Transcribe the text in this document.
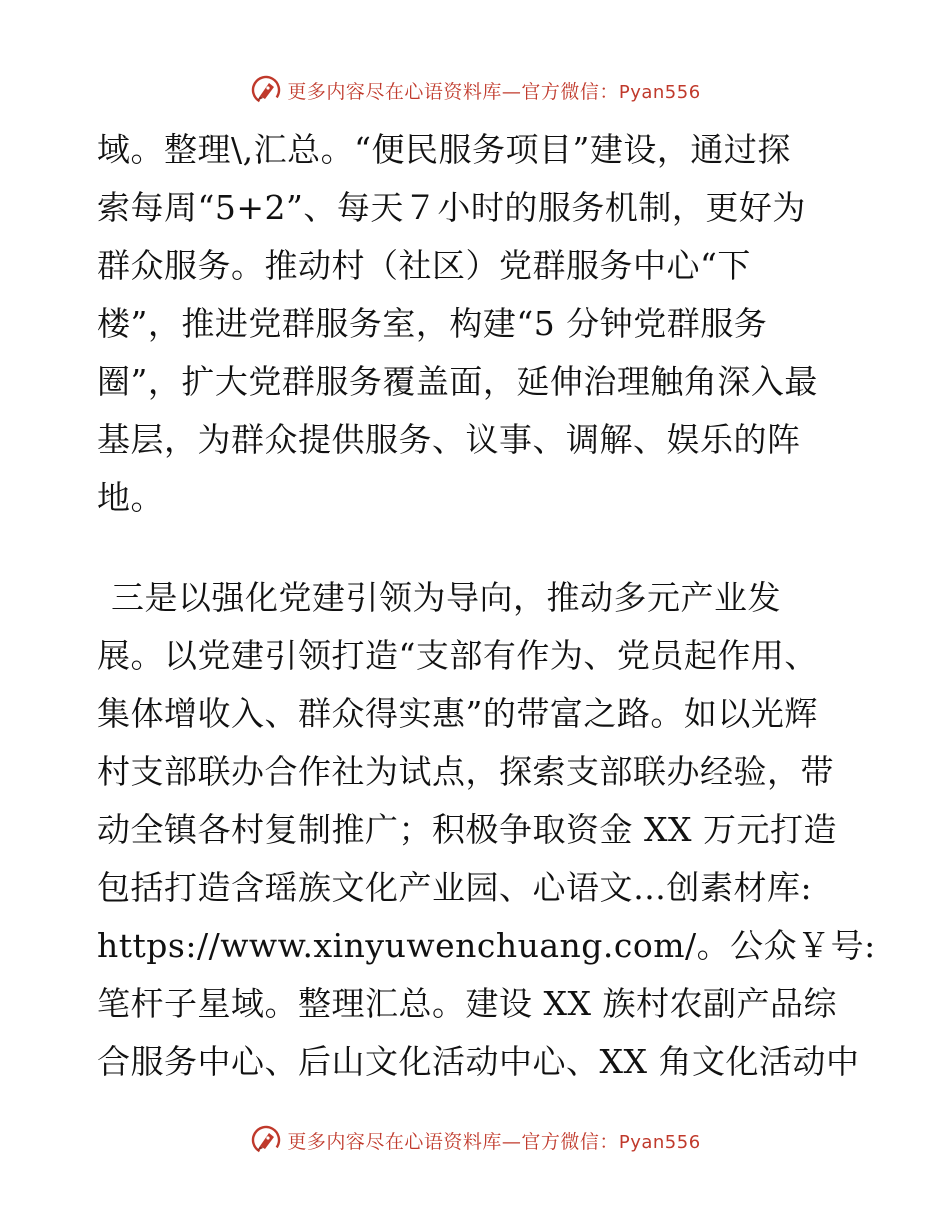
更多内容尽在心语资料库—官方微信：Pyan556
域。整理\,汇总。“便民服务项目”建设，通过探
索每周“5+2”、每天７小时的服务机制，更好为
群众服务。推动村（社区）党群服务中心“下
楼”，推进党群服务室，构建“5 分钟党群服务
圈”，扩大党群服务覆盖面，延伸治理触角深入最
基层，为群众提供服务、议事、调解、娱乐的阵
地。
三是以强化党建引领为导向，推动多元产业发
展。以党建引领打造“支部有作为、党员起作用、
集体增收入、群众得实惠”的带富之路。如以光辉
村支部联办合作社为试点，探索支部联办经验，带
动全镇各村复制推广；积极争取资金 XX 万元打造
包括打造含瑶族文化产业园、心语文…创素材库:
https://www.xinyuwenchuang.com/。公众￥号:
笔杆子星域。整理汇总。建设 XX 族村农副产品综
合服务中心、后山文化活动中心、XX 角文化活动中
更多内容尽在心语资料库—官方微信：Pyan556
